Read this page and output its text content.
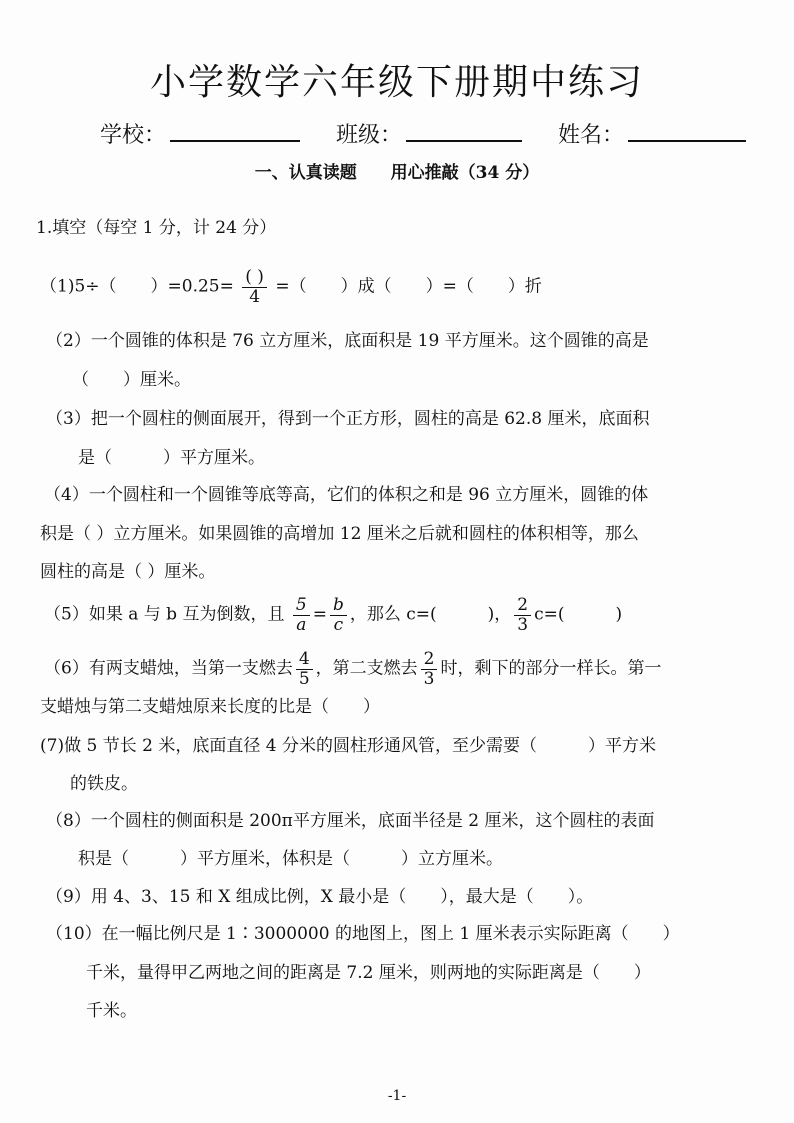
小学数学六年级下册期中练习
学校：	班级：	姓名：
一、认真读题 用心推敲（34 分）
1.填空（每空 1 分，计 24 分）
（1)5÷（　　）$=0.25= \frac{( )}{4}$ =（　　）成（　　）=（　　）折
（2）一个圆锥的体积是 76 立方厘米，底面积是 19 平方厘米。这个圆锥的高是
（　　）厘米。
（3）把一个圆柱的侧面展开，得到一个正方形，圆柱的高是 62.8 厘米，底面积
是（　　　）平方厘米。
（4）一个圆柱和一个圆锥等底等高，它们的体积之和是 96 立方厘米，圆锥的体
积是（ ）立方厘米。如果圆锥的高增加 12 厘米之后就和圆柱的体积相等，那么
圆柱的高是（ ）厘米。
（5）如果 a 与 b 互为倒数，且 $\frac{5}{a} = \frac{b}{c}$ ，那么 c=(　　　)， $\frac{2}{3} c=$(　　　)
（6）有两支蜡烛，当第一支燃去 $\frac{4}{5}$ ，第二支燃去 $\frac{2}{3}$ 时，剩下的部分一样长。第一
支蜡烛与第二支蜡烛原来长度的比是（　　）
(7)做 5 节长 2 米，底面直径 4 分米的圆柱形通风管，至少需要（　　　）平方米
的铁皮。
（8）一个圆柱的侧面积是 200π平方厘米，底面半径是 2 厘米，这个圆柱的表面
积是（　　　）平方厘米，体积是（　　　）立方厘米。
（9）用 4、3、15 和 X 组成比例，X 最小是（　　），最大是（　　）。
（10）在一幅比例尺是 1∶3000000 的地图上，图上 1 厘米表示实际距离（　　）
千米，量得甲乙两地之间的距离是 7.2 厘米，则两地的实际距离是（　　）
千米。
-1-
